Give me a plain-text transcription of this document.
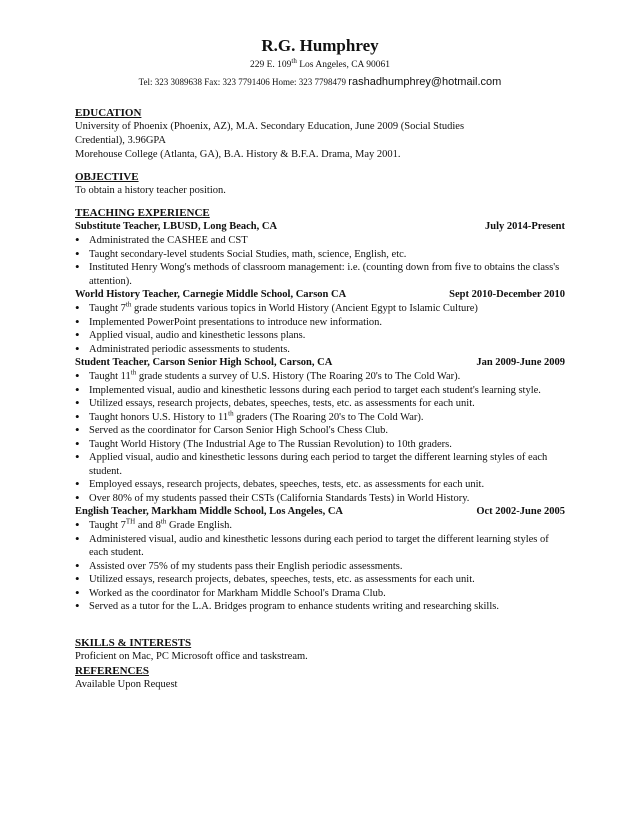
R.G. Humphrey
229 E. 109th Los Angeles, CA 90061
Tel: 323 3089638 Fax: 323 7791406 Home: 323 7798479 rashadhumphrey@hotmail.com
EDUCATION
University of Phoenix (Phoenix, AZ), M.A. Secondary Education, June 2009 (Social Studies
Credential), 3.96GPA
Morehouse College (Atlanta, GA), B.A. History & B.F.A. Drama, May 2001.
OBJECTIVE
To obtain a history teacher position.
TEACHING EXPERIENCE
Substitute Teacher, LBUSD, Long Beach, CA	July 2014-Present
• Administrated the CASHEE and CST
• Taught secondary-level students Social Studies, math, science, English, etc.
• Instituted Henry Wong's methods of classroom management: i.e. (counting down from five to obtains the class's attention).
World History Teacher, Carnegie Middle School, Carson CA	Sept 2010-December 2010
• Taught 7th grade students various topics in World History (Ancient Egypt to Islamic Culture)
• Implemented PowerPoint presentations to introduce new information.
• Applied visual, audio and kinesthetic lessons plans.
• Administrated periodic assessments to students.
Student Teacher, Carson Senior High School, Carson, CA	Jan 2009-June 2009
• Taught 11th grade students a survey of U.S. History (The Roaring 20's to The Cold War).
• Implemented visual, audio and kinesthetic lessons during each period to target each student's learning style.
• Utilized essays, research projects, debates, speeches, tests, etc. as assessments for each unit.
• Taught honors U.S. History to 11th graders (The Roaring 20's to The Cold War).
• Served as the coordinator for Carson Senior High School's Chess Club.
• Taught World History (The Industrial Age to The Russian Revolution) to 10th graders.
• Applied visual, audio and kinesthetic lessons during each period to target the different learning styles of each student.
• Employed essays, research projects, debates, speeches, tests, etc. as assessments for each unit.
• Over 80% of my students passed their CSTs (California Standards Tests) in World History.
English Teacher, Markham Middle School, Los Angeles, CA	Oct 2002-June 2005
• Taught 7TH and 8th Grade English.
• Administered visual, audio and kinesthetic lessons during each period to target the different learning styles of each student.
• Assisted over 75% of my students pass their English periodic assessments.
• Utilized essays, research projects, debates, speeches, tests, etc. as assessments for each unit.
• Worked as the coordinator for Markham Middle School's Drama Club.
• Served as a tutor for the L.A. Bridges program to enhance students writing and researching skills.
SKILLS & INTERESTS
Proficient on Mac, PC Microsoft office and taskstream.
REFERENCES
Available Upon Request
